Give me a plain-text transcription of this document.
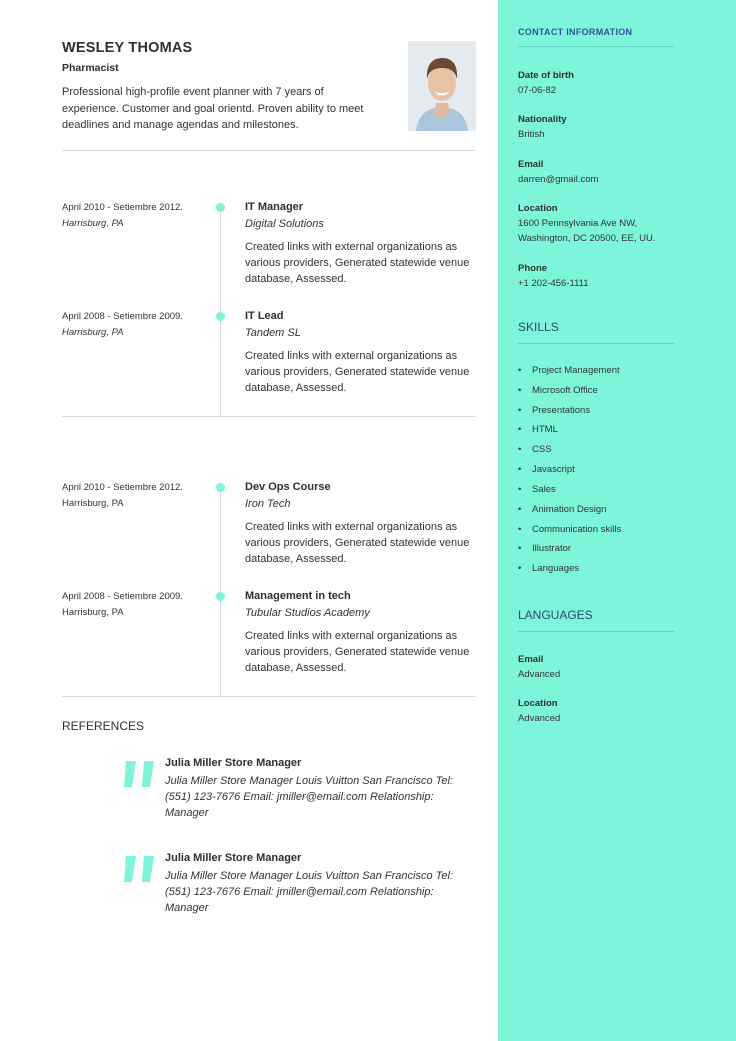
WESLEY THOMAS
Pharmacist
Professional high-profile event planner with 7 years of experience. Customer and goal orientd. Proven ability to meet deadlines and manage agendas and milestones.
April 2010 - Setiembre 2012.
Harrisburg, PA
IT Manager
Digital Solutions
Created links with external organizations as various providers, Generated statewide venue database, Assessed.
April 2008 - Setiembre 2009.
Harrisburg, PA
IT Lead
Tandem SL
Created links with external organizations as various providers, Generated statewide venue database, Assessed.
April 2010 - Setiembre 2012.
Harrisburg, PA
Dev Ops Course
Iron Tech
Created links with external organizations as various providers, Generated statewide venue database, Assessed.
April 2008 - Setiembre 2009.
Harrisburg, PA
Management in tech
Tubular Studios Academy
Created links with external organizations as various providers, Generated statewide venue database, Assessed.
REFERENCES
Julia Miller Store Manager
Julia Miller Store Manager Louis Vuitton San Francisco Tel: (551) 123-7676 Email: jmiller@email.com Relationship: Manager
Julia Miller Store Manager
Julia Miller Store Manager Louis Vuitton San Francisco Tel: (551) 123-7676 Email: jmiller@email.com Relationship: Manager
CONTACT INFORMATION
Date of birth
07-06-82
Nationality
British
Email
darren@gmail.com
Location
1600 Pennsylvania Ave NW, Washington, DC 20500, EE, UU.
Phone
+1 202-456-1111
SKILLS
• Project Management
• Microsoft Office
• Presentations
• HTML
• CSS
• Javascript
• Sales
• Animation Design
• Communication skills
• Illustrator
• Languages
LANGUAGES
Email
Advanced
Location
Advanced
